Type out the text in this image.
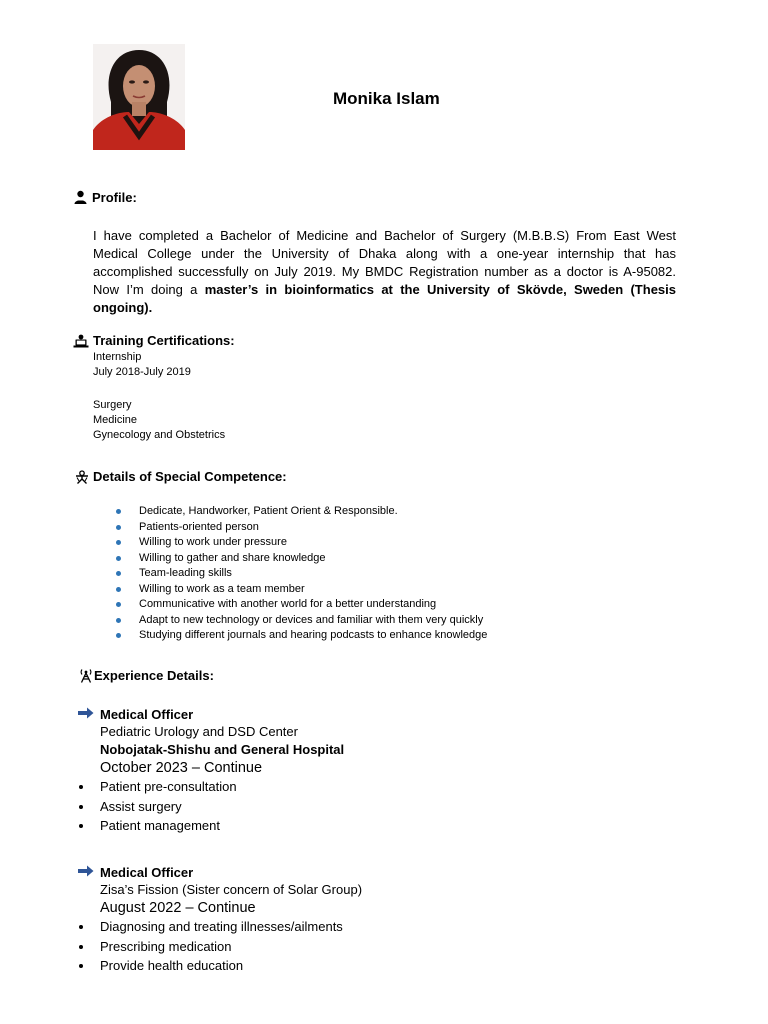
Monika Islam
Profile:
I have completed a Bachelor of Medicine and Bachelor of Surgery (M.B.B.S) From East West Medical College under the University of Dhaka along with a one-year internship that has accomplished successfully on July 2019. My BMDC Registration number as a doctor is A-95082. Now I’m doing a master’s in bioinformatics at the University of Skövde, Sweden (Thesis ongoing).
Training Certifications:
Internship
July 2018-July 2019
Surgery
Medicine
Gynecology and Obstetrics
Details of Special Competence:
Dedicate, Handworker, Patient Orient & Responsible.
Patients-oriented person
Willing to work under pressure
Willing to gather and share knowledge
Team-leading skills
Willing to work as a team member
Communicative with another world for a better understanding
Adapt to new technology or devices and familiar with them very quickly
Studying different journals and hearing podcasts to enhance knowledge
Experience Details:
Medical Officer
Pediatric Urology and DSD Center
Nobojatak-Shishu and General Hospital
October 2023 – Continue
Patient pre-consultation
Assist surgery
Patient management
Medical Officer
Zisa’s Fission (Sister concern of Solar Group)
August 2022 – Continue
Diagnosing and treating illnesses/ailments
Prescribing medication
Provide health education
